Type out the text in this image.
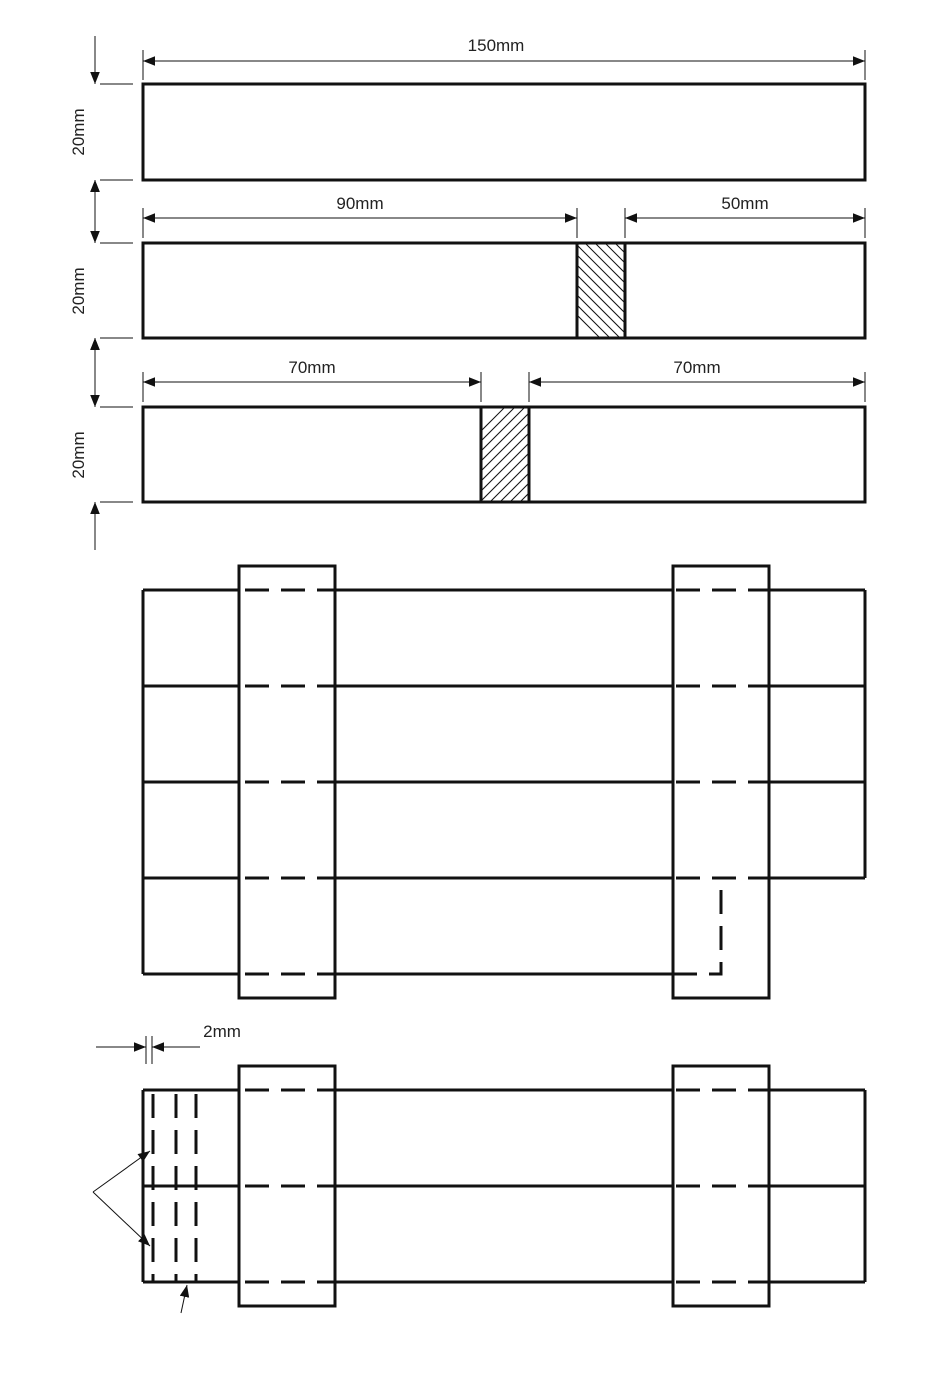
150mm
20mm
90mm	50mm
20mm
70mm	70mm
20mm
2mm
